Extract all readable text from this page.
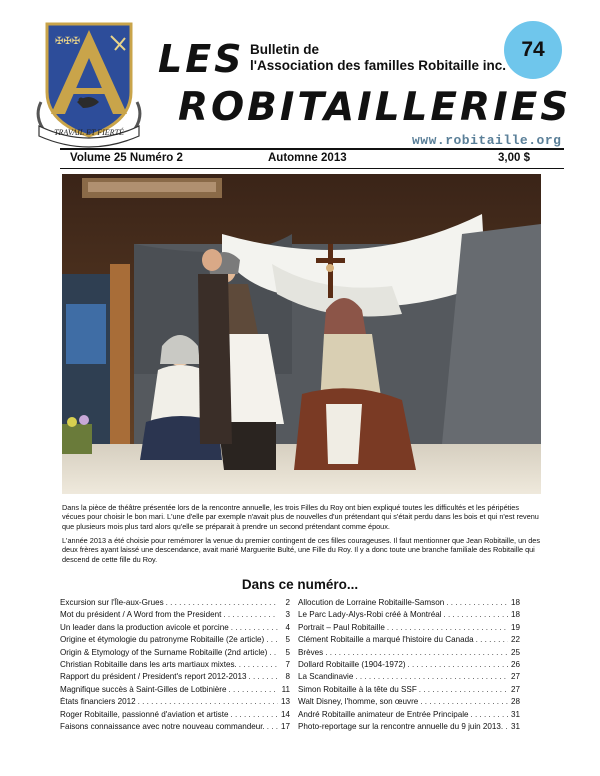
✠✠✠
TRAVAIL ET FIERTÉ
LES Bulletin de
l'Association des familles Robitaille inc.
74
ROBITAILLERIES
www.robitaille.org
Volume 25 Numéro 2	Automne 2013	3,00 $
Dans la pièce de théâtre présentée lors de la rencontre annuelle, les trois Filles du Roy ont bien expliqué toutes les difficultés et les péripéties vécues pour choisir le bon mari. L'une d'elle par exemple n'avait plus de nouvelles d'un prétendant qui s'était perdu dans les bois et qui n'est revenu que plusieurs mois plus tard alors qu'elle se préparait à prendre un second prétendant comme époux.
L'année 2013 a été choisie pour remémorer la venue du premier contingent de ces filles courageuses. Il faut mentionner que Jean Robitaille, un des deux frères ayant laissé une descendance, avait marié Marguerite Bulté, une Fille du Roy. Il y a donc toute une branche familiale des Robitaille qui descend de cette fille du Roy.
Dans ce numéro...
Excursion sur l'Île-aux-Grues . . .	2
Mot du président / A Word from the President . . .	3
Un leader dans la production avicole et porcine . . .	4
Origine et étymologie du patronyme Robitaille (2e article) . . .	5
Origin & Etymology of the Surname Robitaille (2nd article) . . .	5
Christian Robitaille dans les arts martiaux mixtes. . . .	7
Rapport du président / President's report 2012-2013 . . .	8
Magnifique succès à Saint-Gilles de Lotbinière . . .	11
États financiers 2012 . . .	13
Roger Robitaille, passionné d'aviation et artiste . . .	14
Faisons connaissance avec notre nouveau commandeur. . . . 17
Allocution de Lorraine Robitaille-Samson . . .	18
Le Parc Lady-Alys-Robi créé à Montréal . . .	18
Portrait – Paul Robitaille . . .	19
Clément Robitaille a marqué l'histoire du Canada . . .	22
Brèves . . .	25
Dollard Robitaille (1904-1972) . . .	26
La Scandinavie . . .	27
Simon Robitaille à la tête du SSF . . .	27
Walt Disney, l'homme, son œuvre . . .	28
André Robitaille animateur de Entrée Principale . . .	31
Photo-reportage sur la rencontre annuelle du 9 juin 2013. . . . 31
